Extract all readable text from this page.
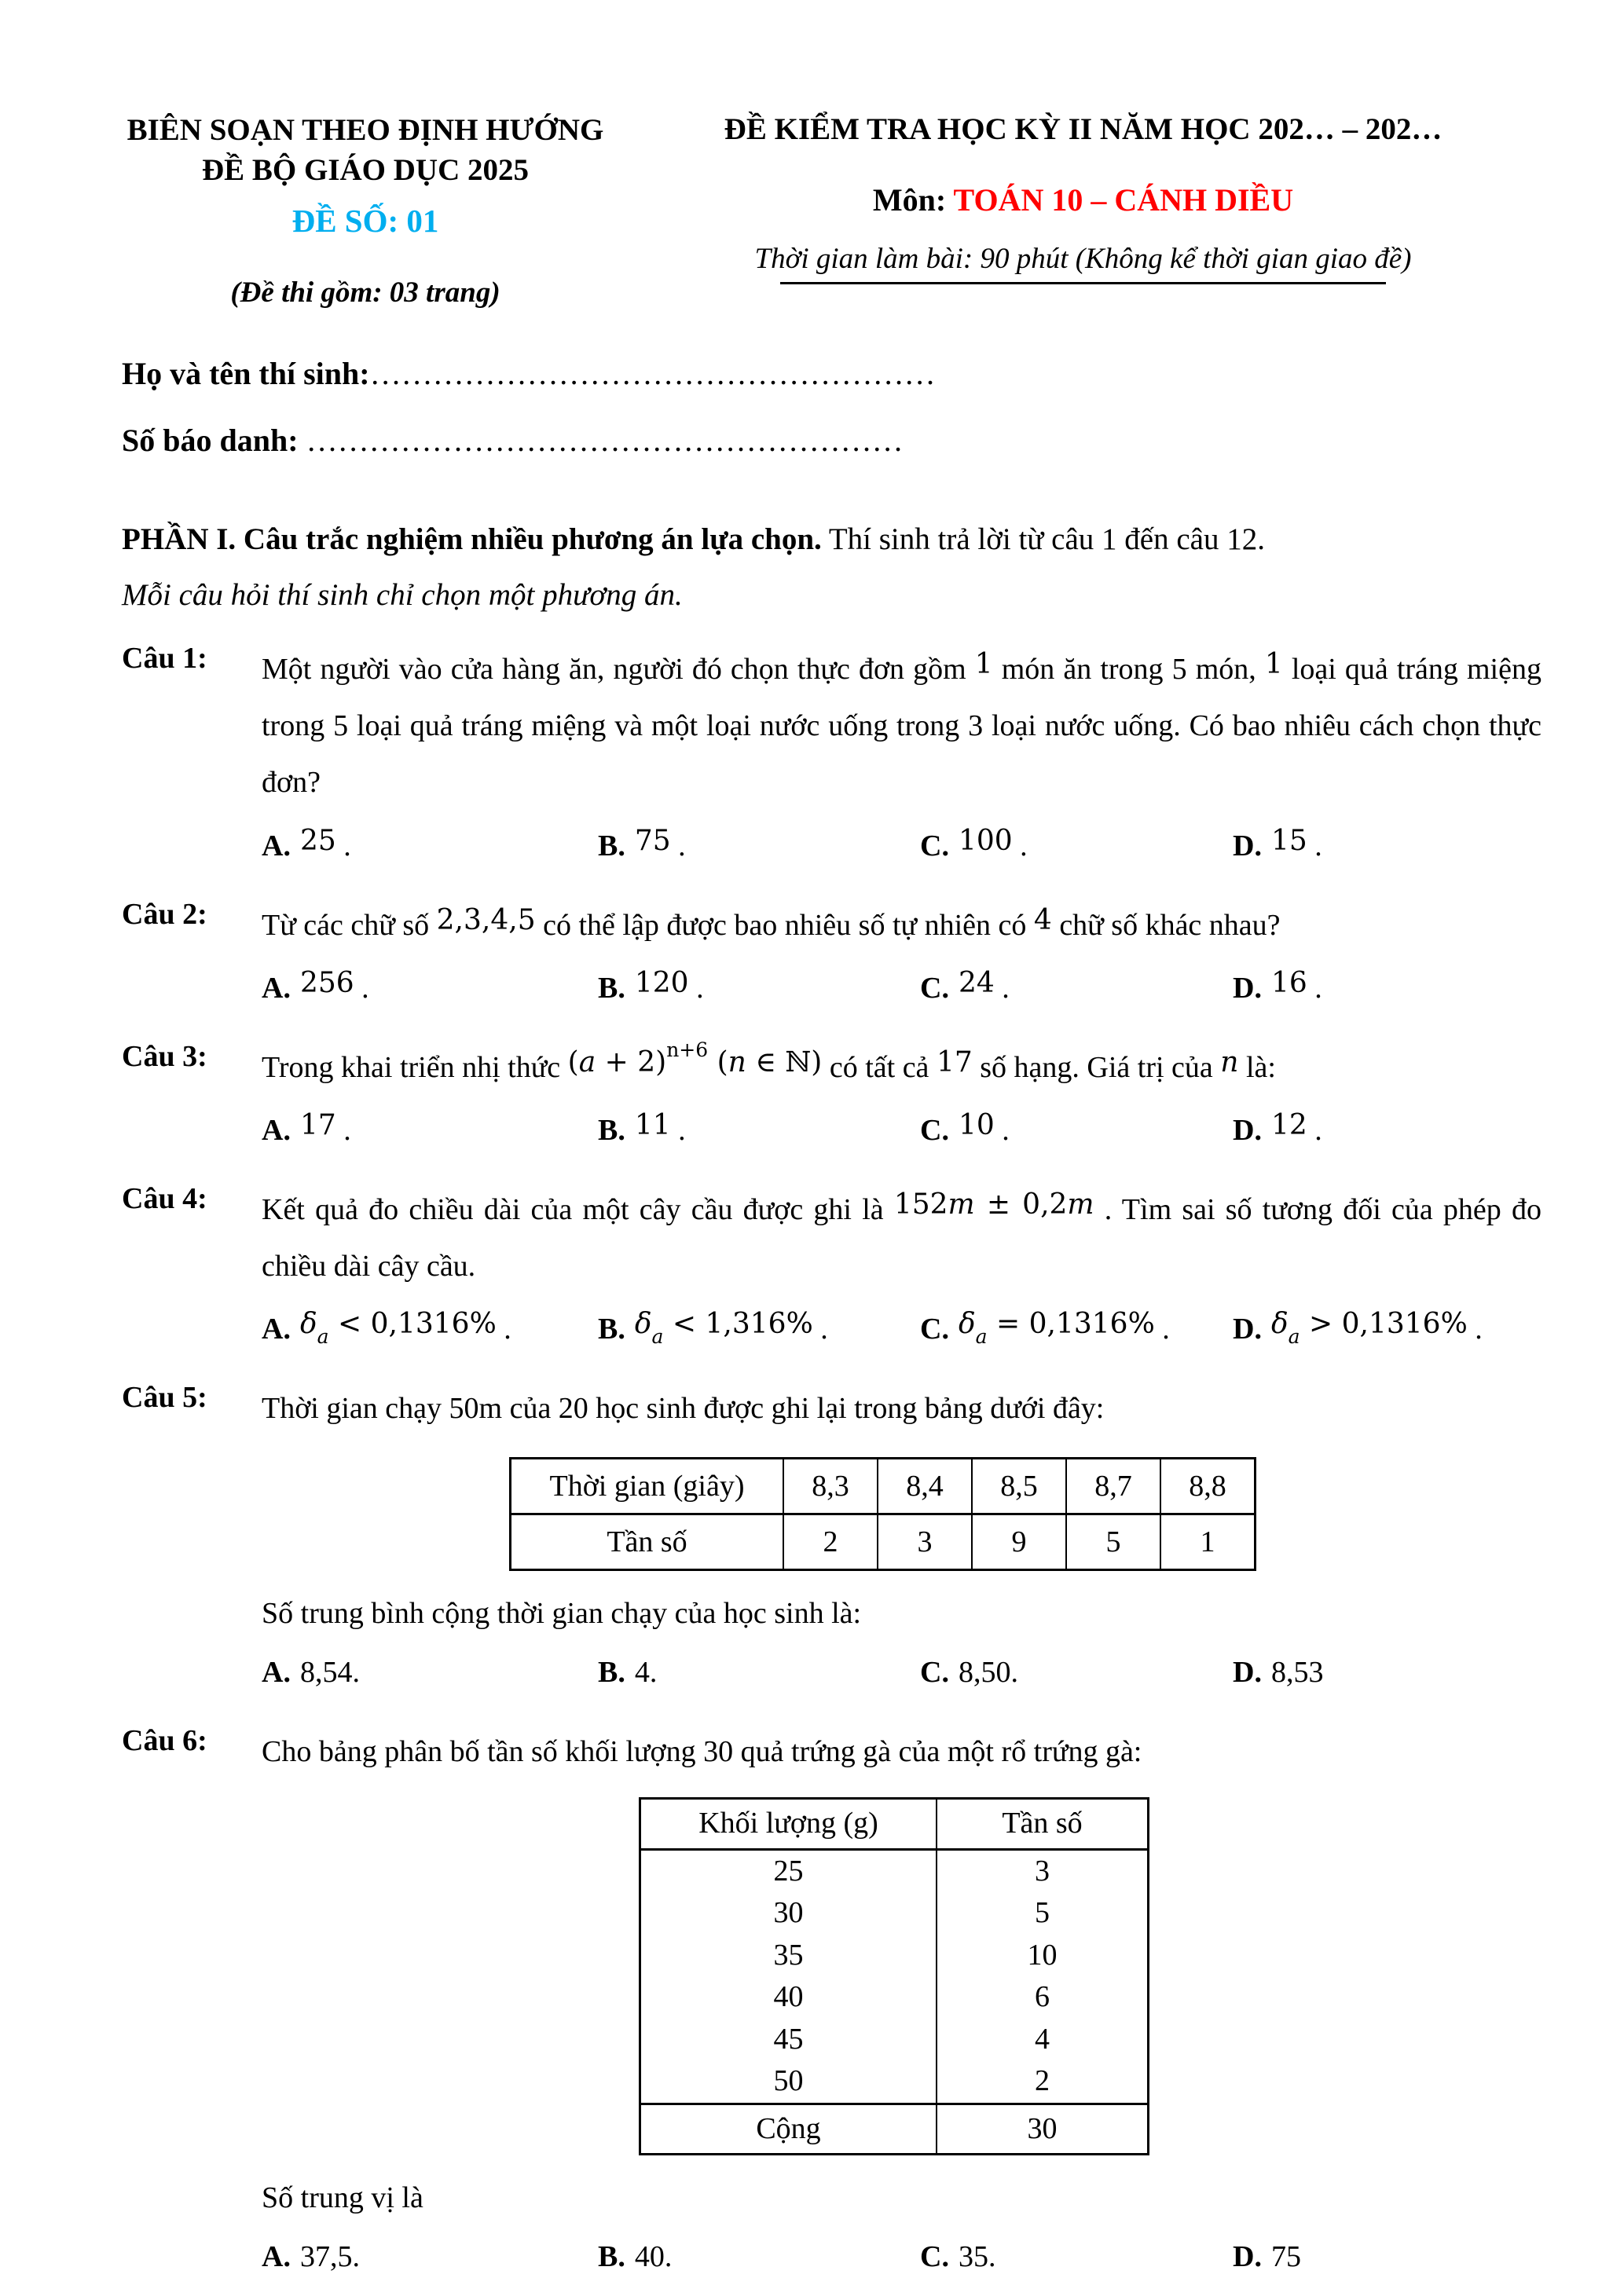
BIÊN SOẠN THEO ĐỊNH HƯỚNG
ĐỀ BỘ GIÁO DỤC 2025
ĐỀ SỐ: 01
(Đề thi gồm: 03 trang)
ĐỀ KIỂM TRA HỌC KỲ II NĂM HỌC 202… – 202…
Môn: TOÁN 10 – CÁNH DIỀU
Thời gian làm bài: 90 phút (Không kể thời gian giao đề)
Họ và tên thí sinh:………………………………………………
Số báo danh: …………………………………………………
PHẦN I. Câu trắc nghiệm nhiều phương án lựa chọn. Thí sinh trả lời từ câu 1 đến câu 12.
Mỗi câu hỏi thí sinh chỉ chọn một phương án.
Câu 1:	Một người vào cửa hàng ăn, người đó chọn thực đơn gồm 1 món ăn trong 5 món, 1 loại quả tráng miệng trong 5 loại quả tráng miệng và một loại nước uống trong 3 loại nước uống. Có bao nhiêu cách chọn thực đơn?

A. 25 .	B. 75 .	C. 100 .	D. 15 .
Câu 2:	Từ các chữ số 2,3,4,5 có thể lập được bao nhiêu số tự nhiên có 4 chữ số khác nhau?

A. 256 .	B. 120 .	C. 24 .	D. 16 .
Câu 3:	Trong khai triển nhị thức $(a + 2)^{n+6}$ (n ∈ ℕ) có tất cả 17 số hạng. Giá trị của n là:

A. 17 .	B. 11 .	C. 10 .	D. 12 .
Câu 4:	Kết quả đo chiều dài của một cây cầu được ghi là 152m ± 0,2m . Tìm sai số tương đối của phép đo chiều dài cây cầu.

A. δa < 0,1316% .	B. δa < 1,316% .	C. δa = 0,1316% .	D. δa > 0,1316% .
Câu 5:	Thời gian chạy 50m của 20 học sinh được ghi lại trong bảng dưới đây:

Thời gian (giây)	8,3	8,4	8,5	8,7	8,8
Tần số	2	3	9	5	1
Số trung bình cộng thời gian chạy của học sinh là:
A. 8,54.	B. 4.	C. 8,50.	D. 8,53
Câu 6:	Cho bảng phân bố tần số khối lượng 30 quả trứng gà của một rổ trứng gà:

Khối lượng (g)	Tần số
25	3
30	5
35	10
40	6
45	4
50	2
Cộng	30
Số trung vị là
A. 37,5.	B. 40.	C. 35.	D. 75
